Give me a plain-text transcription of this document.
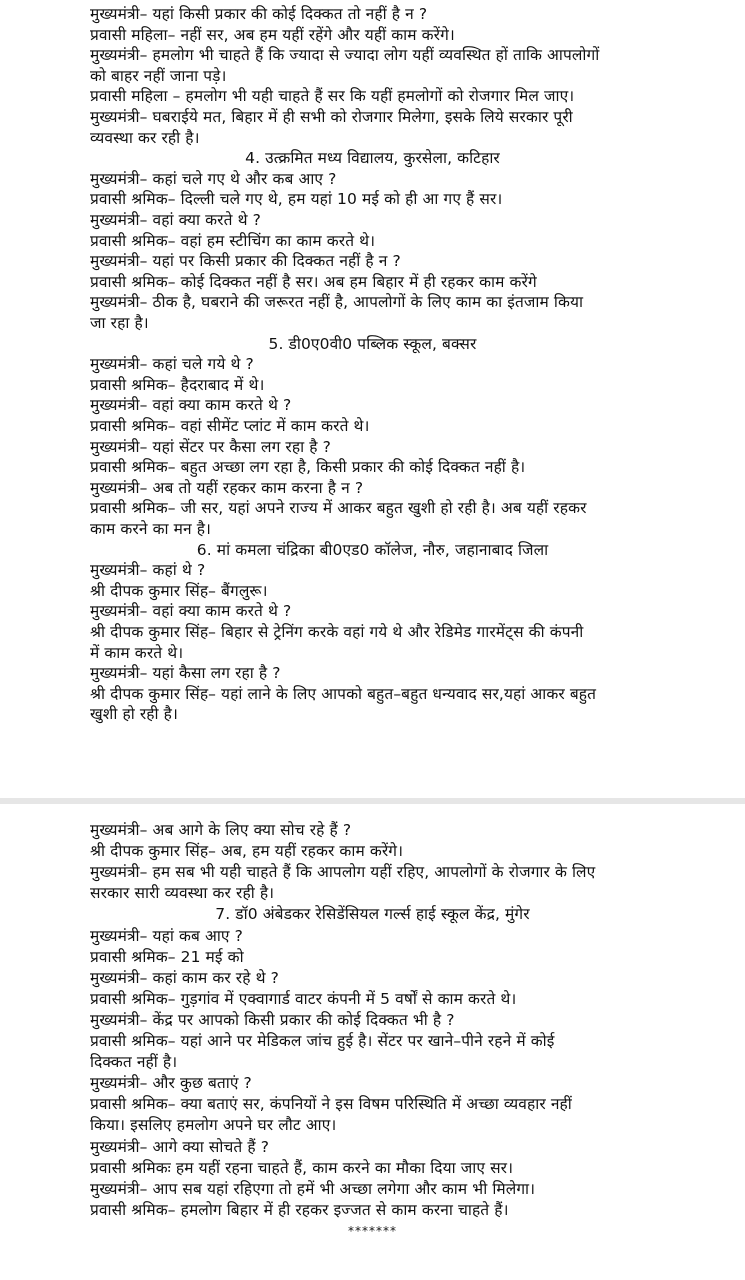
मुख्यमंत्री– यहां किसी प्रकार की कोई दिक्कत तो नहीं है न ?

प्रवासी महिला– नहीं सर, अब हम यहीं रहेंगे और यहीं काम करेंगे।

मुख्यमंत्री– हमलोग भी चाहते हैं कि ज्यादा से ज्यादा लोग यहीं व्यवस्थित हों ताकि आपलोगों

को बाहर नहीं जाना पड़े।

प्रवासी महिला – हमलोग भी यही चाहते हैं सर कि यहीं हमलोगों को रोजगार मिल जाए।

मुख्यमंत्री– घबराईये मत, बिहार में ही सभी को रोजगार मिलेगा, इसके लिये सरकार पूरी

व्यवस्था कर रही है।

4. उत्क्रमित मध्य विद्यालय, कुरसेला, कटिहार

मुख्यमंत्री– कहां चले गए थे और कब आए ?

प्रवासी श्रमिक– दिल्ली चले गए थे, हम यहां 10 मई को ही आ गए हैं सर।

मुख्यमंत्री– वहां क्या करते थे ?

प्रवासी श्रमिक– वहां हम स्टीचिंग का काम करते थे।

मुख्यमंत्री– यहां पर किसी प्रकार की दिक्कत नहीं है न ?

प्रवासी श्रमिक– कोई दिक्कत नहीं है सर। अब हम बिहार में ही रहकर काम करेंगे

मुख्यमंत्री– ठीक है, घबराने की जरूरत नहीं है, आपलोगों के लिए काम का इंतजाम किया

जा रहा है।

5. डी0ए0वी0 पब्लिक स्कूल, बक्सर

मुख्यमंत्री– कहां चले गये थे ?

प्रवासी श्रमिक– हैदराबाद में थे।

मुख्यमंत्री– वहां क्या काम करते थे ?

प्रवासी श्रमिक– वहां सीमेंट प्लांट में काम करते थे।

मुख्यमंत्री– यहां सेंटर पर कैसा लग रहा है ?

प्रवासी श्रमिक– बहुत अच्छा लग रहा है, किसी प्रकार की कोई दिक्कत नहीं है।

मुख्यमंत्री– अब तो यहीं रहकर काम करना है न ?

प्रवासी श्रमिक– जी सर, यहां अपने राज्य में आकर बहुत खुशी हो रही है। अब यहीं रहकर

काम करने का मन है।

6. मां कमला चंद्रिका बी0एड0 कॉलेज, नौरु, जहानाबाद जिला

मुख्यमंत्री– कहां थे ?

श्री दीपक कुमार सिंह– बैंगलुरू।

मुख्यमंत्री– वहां क्या काम करते थे ?

श्री दीपक कुमार सिंह– बिहार से ट्रेनिंग करके वहां गये थे और रेडिमेड गारमेंट्स की कंपनी

में काम करते थे।

मुख्यमंत्री– यहां कैसा लग रहा है ?

श्री दीपक कुमार सिंह– यहां लाने के लिए आपको बहुत–बहुत धन्यवाद सर,यहां आकर बहुत

खुशी हो रही है।

मुख्यमंत्री– अब आगे के लिए क्या सोच रहे हैं ?

श्री दीपक कुमार सिंह– अब, हम यहीं रहकर काम करेंगे।

मुख्यमंत्री– हम सब भी यही चाहते हैं कि आपलोग यहीं रहिए, आपलोगों के रोजगार के लिए

सरकार सारी व्यवस्था कर रही है।

7. डॉ0 अंबेडकर रेसिडेंसियल गर्ल्स हाई स्कूल केंद्र, मुंगेर

मुख्यमंत्री– यहां कब आए ?

प्रवासी श्रमिक– 21 मई को

मुख्यमंत्री– कहां काम कर रहे थे ?

प्रवासी श्रमिक– गुड़गांव में एक्वागार्ड वाटर कंपनी में 5 वर्षों से काम करते थे।

मुख्यमंत्री– केंद्र पर आपको किसी प्रकार की कोई दिक्कत भी है ?

प्रवासी श्रमिक– यहां आने पर मेडिकल जांच हुई है। सेंटर पर खाने–पीने रहने में कोई

दिक्कत नहीं है।

मुख्यमंत्री– और कुछ बताएं ?

प्रवासी श्रमिक– क्या बताएं सर, कंपनियों ने इस विषम परिस्थिति में अच्छा व्यवहार नहीं

किया। इसलिए हमलोग अपने घर लौट आए।

मुख्यमंत्री– आगे क्या सोचते हैं ?

प्रवासी श्रमिकः हम यहीं रहना चाहते हैं, काम करने का मौका दिया जाए सर।

मुख्यमंत्री– आप सब यहां रहिएगा तो हमें भी अच्छा लगेगा और काम भी मिलेगा।

प्रवासी श्रमिक– हमलोग बिहार में ही रहकर इज्जत से काम करना चाहते हैं।

*******
